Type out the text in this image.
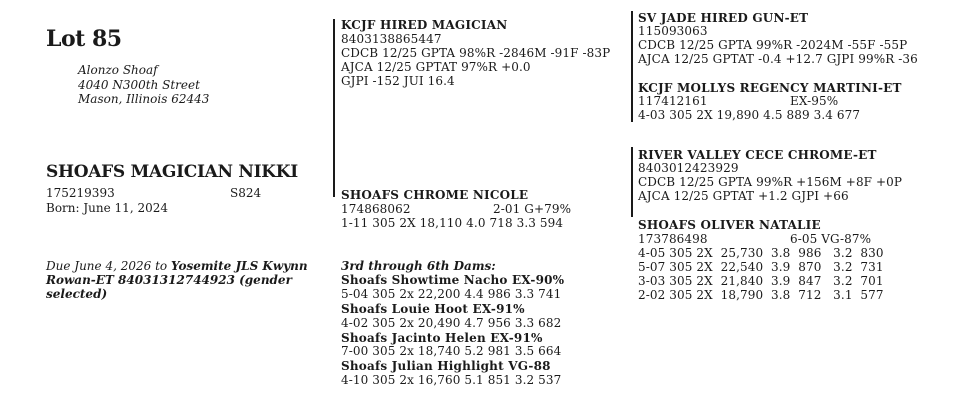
Lot 85
Alonzo Shoaf
4040 N300th Street
Mason, Illinois 62443
SHOAFS MAGICIAN NIKKI
175219393	S824
Born: June 11, 2024
Due June 4, 2026 to Yosemite JLS Kwynn Rowan-ET 84031312744923 (gender selected)
KCJF HIRED MAGICIAN
8403138865447
CDCB 12/25 GPTA 98%R -2846M -91F -83P
AJCA 12/25 GPTAT 97%R +0.0
GJPI -152 JUI 16.4
SHOAFS CHROME NICOLE
174868062	2-01 G+79%
1-11 305 2X 18,110 4.0 718 3.3 594
3rd through 6th Dams:
Shoafs Showtime Nacho EX-90%
5-04 305 2x 22,200 4.4 986 3.3 741
Shoafs Louie Hoot EX-91%
4-02 305 2x 20,490 4.7 956 3.3 682
Shoafs Jacinto Helen EX-91%
7-00 305 2x 18,740 5.2 981 3.5 664
Shoafs Julian Highlight VG-88
4-10 305 2x 16,760 5.1 851 3.2 537
SV JADE HIRED GUN-ET
115093063
CDCB 12/25 GPTA 99%R -2024M -55F -55P
AJCA 12/25 GPTAT -0.4 +12.7 GJPI 99%R -36
KCJF MOLLYS REGENCY MARTINI-ET
117412161	EX-95%
4-03 305 2X 19,890 4.5 889 3.4 677
RIVER VALLEY CECE CHROME-ET
8403012423929
CDCB 12/25 GPTA 99%R +156M +8F +0P
AJCA 12/25 GPTAT +1.2 GJPI +66
SHOAFS OLIVER NATALIE
173786498	6-05 VG-87%
4-05 305 2X  25,730  3.8  986   3.2  830
5-07 305 2X  22,540  3.9  870   3.2  731
3-03 305 2X  21,840  3.9  847   3.2  701
2-02 305 2X  18,790  3.8  712   3.1  577
